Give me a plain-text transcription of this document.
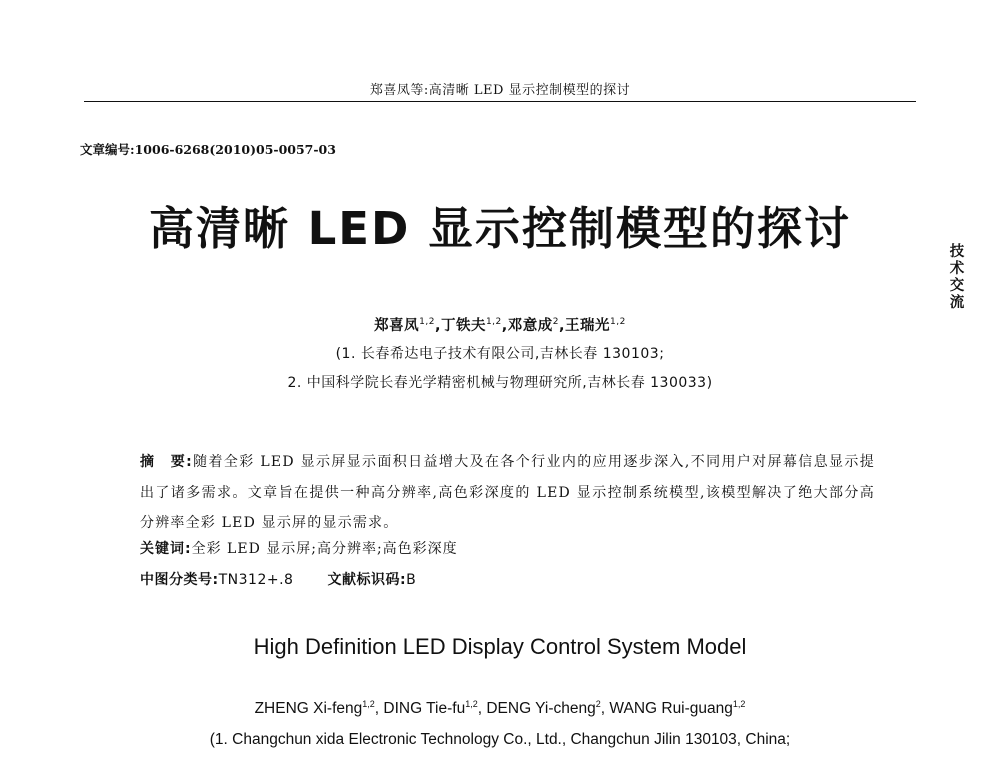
郑喜凤等:高清晰 LED 显示控制模型的探讨
文章编号:1006-6268(2010)05-0057-03
高清晰 LED 显示控制模型的探讨	技
术
交
流
郑喜凤$^{1,2}$,丁铁夫$^{1,2}$,邓意成$^2$,王瑞光$^{1,2}$
(1. 长春希达电子技术有限公司,吉林长春 130103;
2. 中国科学院长春光学精密机械与物理研究所,吉林长春 130033)
摘　要:随着全彩 LED 显示屏显示面积日益增大及在各个行业内的应用逐步深入,不同用户对屏幕信息显示提出了诸多需求。文章旨在提供一种高分辨率,高色彩深度的 LED 显示控制系统模型,该模型解决了绝大部分高分辨率全彩 LED 显示屏的显示需求。
关键词:全彩 LED 显示屏;高分辨率;高色彩深度
中图分类号:TN312+.8 文献标识码:B
High Definition LED Display Control System Model
ZHENG Xi-feng$^{1,2}$, DING Tie-fu$^{1,2}$, DENG Yi-cheng$^2$, WANG Rui-guang$^{1,2}$
(1. Changchun xida Electronic Technology Co., Ltd., Changchun Jilin 130103, China;
